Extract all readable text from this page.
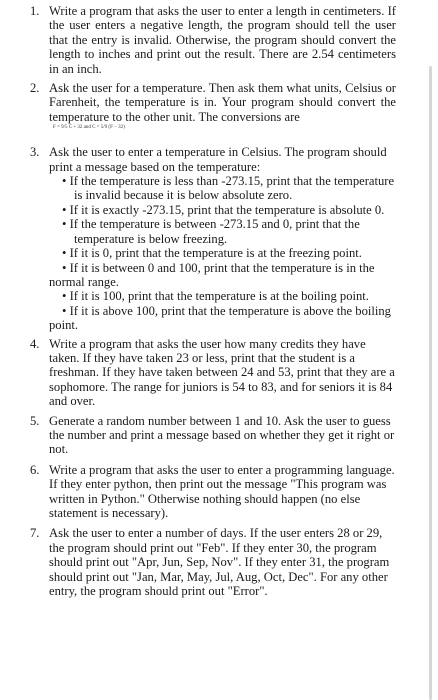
1. Write a program that asks the user to enter a length in centimeters. If the user enters a negative length, the program should tell the user that the entry is invalid. Otherwise, the program should convert the length to inches and print out the result. There are 2.54 centimeters in an inch.
2. Ask the user for a temperature. Then ask them what units, Celsius or Farenheit, the temperature is in. Your program should convert the temperature to the other unit. The conversions are
F = 9/5 C + 32 and C = 5/9 (F − 32)
3. Ask the user to enter a temperature in Celsius. The program should print a message based on the temperature:
• If the temperature is less than -273.15, print that the temperature is invalid because it is below absolute zero.
• If it is exactly -273.15, print that the temperature is absolute 0.
• If the temperature is between -273.15 and 0, print that the temperature is below freezing.
• If it is 0, print that the temperature is at the freezing point.
• If it is between 0 and 100, print that the temperature is in the normal range.
• If it is 100, print that the temperature is at the boiling point.
• If it is above 100, print that the temperature is above the boiling point.
4. Write a program that asks the user how many credits they have taken. If they have taken 23 or less, print that the student is a freshman. If they have taken between 24 and 53, print that they are a sophomore. The range for juniors is 54 to 83, and for seniors it is 84 and over.
5. Generate a random number between 1 and 10. Ask the user to guess the number and print a message based on whether they get it right or not.
6. Write a program that asks the user to enter a programming language. If they enter python, then print out the message "This program was written in Python." Otherwise nothing should happen (no else statement is necessary).
7. Ask the user to enter a number of days. If the user enters 28 or 29, the program should print out "Feb". If they enter 30, the program should print out "Apr, Jun, Sep, Nov". If they enter 31, the program should print out "Jan, Mar, May, Jul, Aug, Oct, Dec". For any other entry, the program should print out "Error".
